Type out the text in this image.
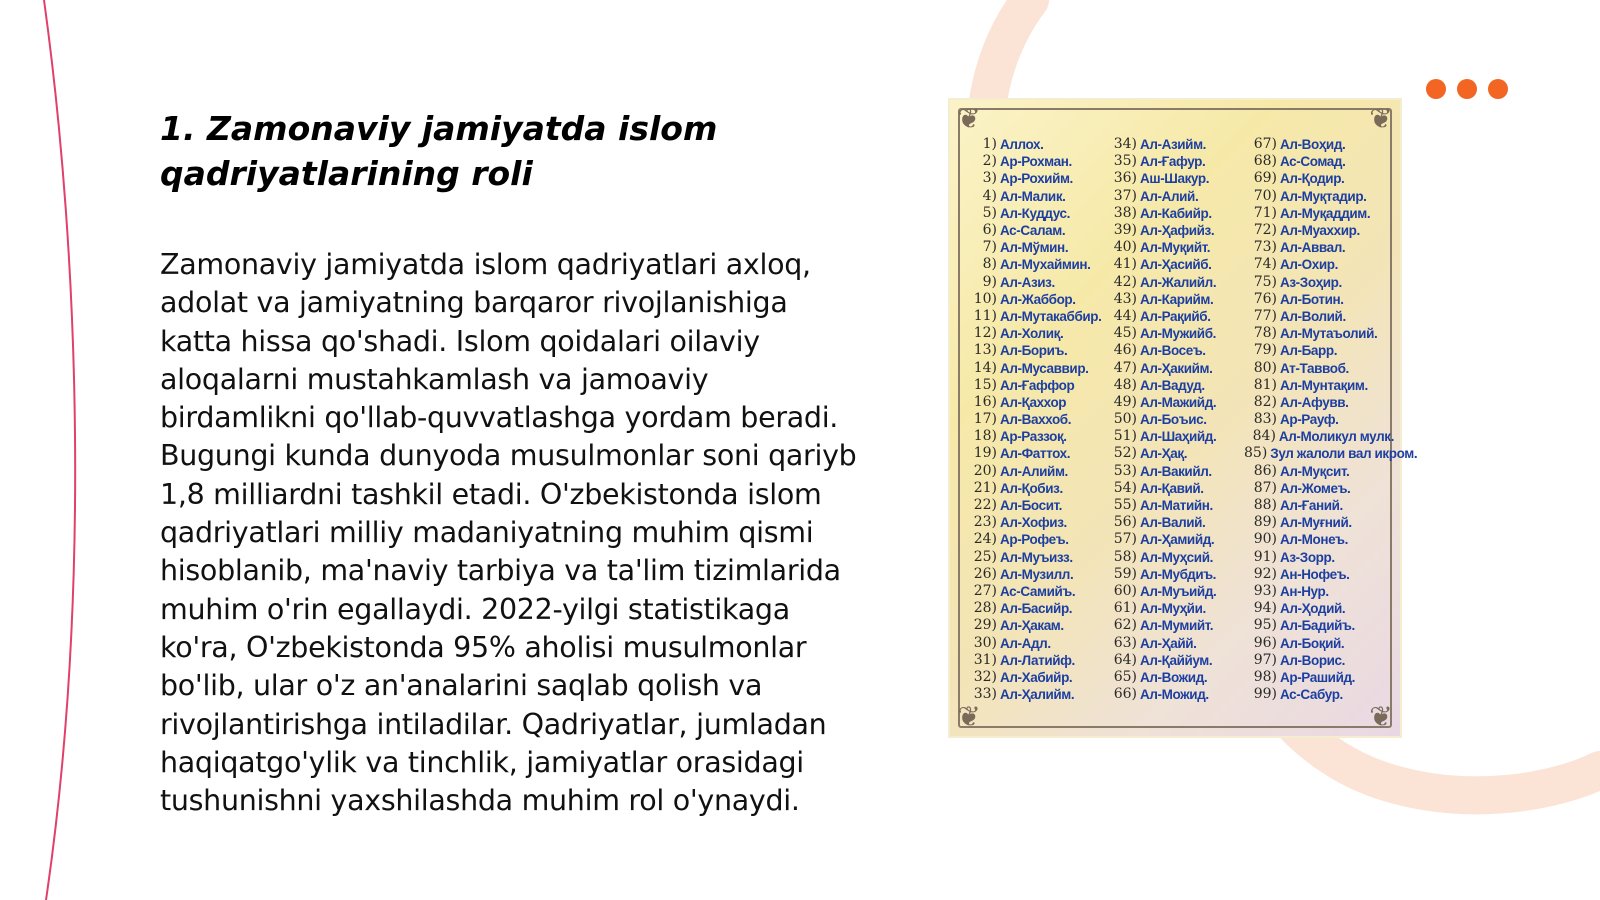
1. Zamonaviy jamiyatda islom qadriyatlarining roli

Zamonaviy jamiyatda islom qadriyatlari axloq, adolat va jamiyatning barqaror rivojlanishiga katta hissa qo'shadi. Islom qoidalari oilaviy aloqalarni mustahkamlash va jamoaviy birdamlikni qo'llab-quvvatlashga yordam beradi. Bugungi kunda dunyoda musulmonlar soni qariyb 1,8 milliardni tashkil etadi. O'zbekistonda islom qadriyatlari milliy madaniyatning muhim qismi hisoblanib, ma'naviy tarbiya va ta'lim tizimlarida muhim o'rin egallaydi. 2022-yilgi statistikaga ko'ra, O'zbekistonda 95% aholisi musulmonlar bo'lib, ular o'z an'analarini saqlab qolish va rivojlantirishga intiladilar. Qadriyatlar, jumladan haqiqatgo'ylik va tinchlik, jamiyatlar orasidagi tushunishni yaxshilashda muhim rol o'ynaydi.

❦	❦
❦	❦
1) Аллох.
2) Ар-Рохман.
3) Ар-Рохийм.
4) Ал-Малик.
5) Ал-Куддус.
6) Ас-Салам.
7) Ал-Мўмин.
8) Ал-Мухаймин.
9) Ал-Азиз.
10) Ал-Жаббор.
11) Ал-Мутакаббир.
12) Ал-Холиқ.
13) Ал-Бориъ.
14) Ал-Мусаввир.
15) Ал-Ғаффор
16) Ал-Қаххор
17) Ал-Ваххоб.
18) Ар-Раззоқ.
19) Ал-Фаттох.
20) Ал-Алийм.
21) Ал-Қобиз.
22) Ал-Босит.
23) Ал-Хофиз.
24) Ар-Рофеъ.
25) Ал-Муъизз.
26) Ал-Музилл.
27) Ас-Самийъ.
28) Ал-Басийр.
29) Ал-Ҳакам.
30) Ал-Адл.
31) Ал-Латийф.
32) Ал-Хабийр.
33) Ал-Ҳалийм.
34) Ал-Азийм.
35) Ал-Ғафур.
36) Аш-Шакур.
37) Ал-Алий.
38) Ал-Кабийр.
39) Ал-Ҳафийз.
40) Ал-Муқийт.
41) Ал-Ҳасийб.
42) Ал-Жалийл.
43) Ал-Карийм.
44) Ал-Рақийб.
45) Ал-Мужийб.
46) Ал-Восеъ.
47) Ал-Ҳакийм.
48) Ал-Вадуд.
49) Ал-Мажийд.
50) Ал-Боъис.
51) Ал-Шаҳийд.
52) Ал-Ҳақ.
53) Ал-Вакийл.
54) Ал-Қавий.
55) Ал-Матийн.
56) Ал-Валий.
57) Ал-Ҳамийд.
58) Ал-Муҳсий.
59) Ал-Мубдиъ.
60) Ал-Муъийд.
61) Ал-Муҳйи.
62) Ал-Мумийт.
63) Ал-Ҳайй.
64) Ал-Қаййум.
65) Ал-Вожид.
66) Ал-Можид.
67) Ал-Воҳид.
68) Ас-Сомад.
69) Ал-Қодир.
70) Ал-Муқтадир.
71) Ал-Муқаддим.
72) Ал-Муаххир.
73) Ал-Аввал.
74) Ал-Охир.
75) Аз-Зоҳир.
76) Ал-Ботин.
77) Ал-Волий.
78) Ал-Мутаъолий.
79) Ал-Барр.
80) Ат-Таввоб.
81) Ал-Мунтақим.
82) Ал-Афувв.
83) Ар-Рауф.
84) Ал-Моликул мулк.
85) Зул жалоли вал икром.
86) Ал-Муқсит.
87) Ал-Жомеъ.
88) Ал-Ғаний.
89) Ал-Муғний.
90) Ал-Монеъ.
91) Аз-Зорр.
92) Ан-Нофеъ.
93) Ан-Нур.
94) Ал-Ҳодий.
95) Ал-Бадийъ.
96) Ал-Боқий.
97) Ал-Ворис.
98) Ар-Рашийд.
99) Ас-Сабур.
